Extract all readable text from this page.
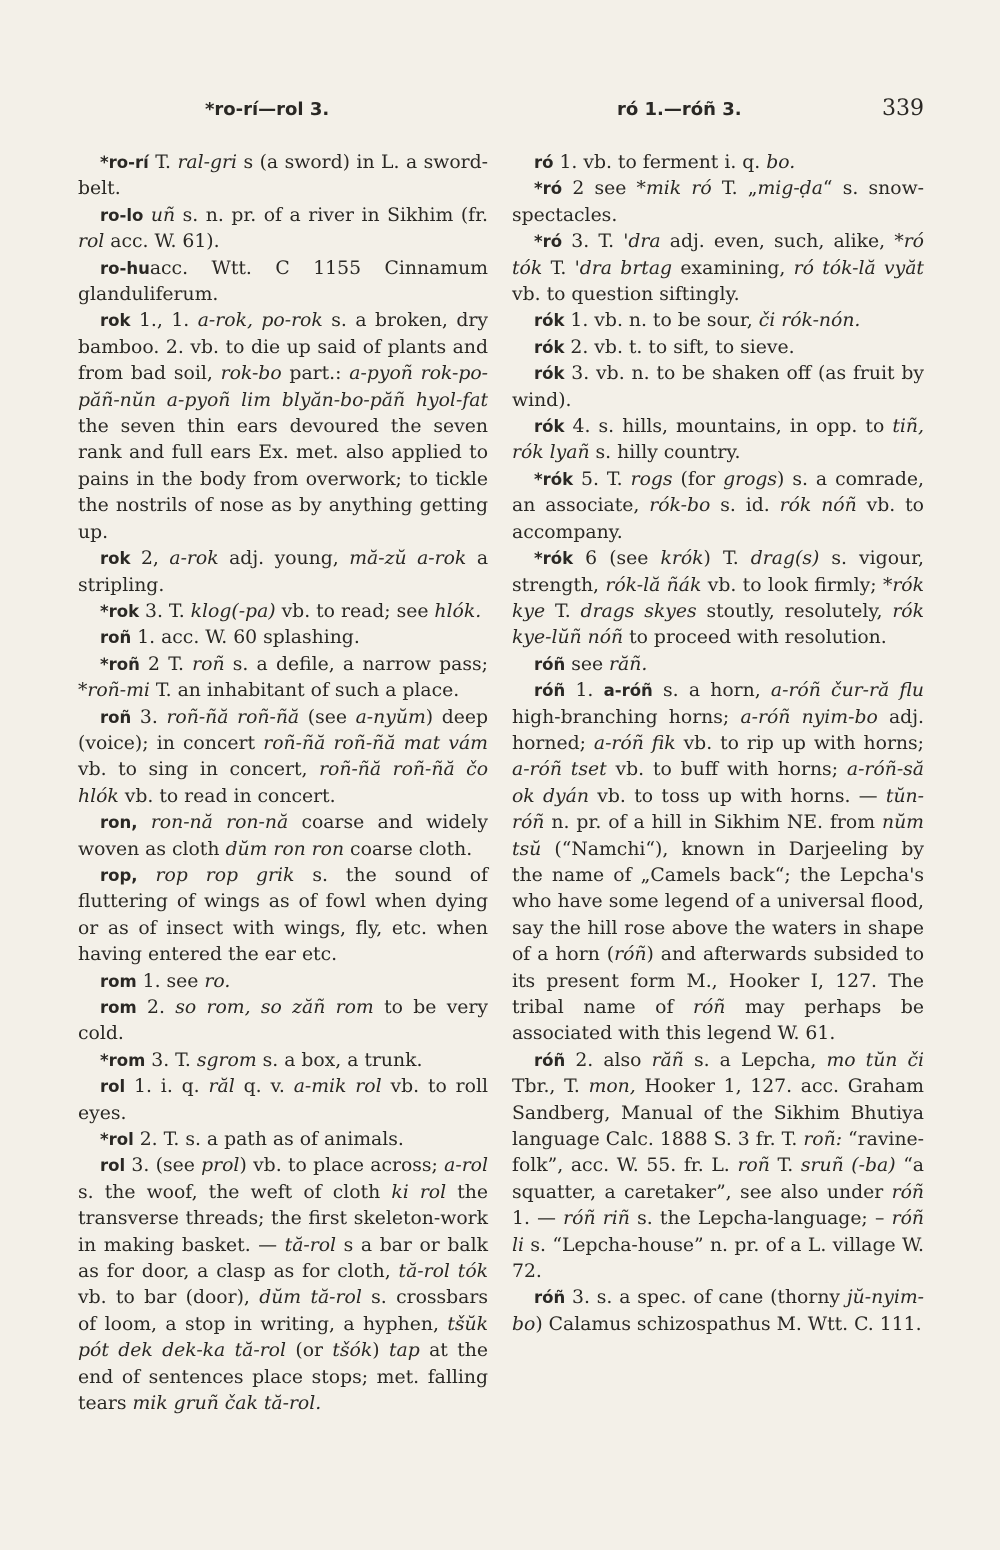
*ro-rí—rol 3.	ró 1.—róñ 3.	339

*ro-rí T. ral-gri s (a sword) in L. a sword-belt.

ro-lo uñ s. n. pr. of a river in Sikhim (fr. rol acc. W. 61).

ro-huacc. Wtt. C 1155 Cinnamum glanduliferum.

rok 1., 1. a-rok, po-rok s. a broken, dry bamboo. 2. vb. to die up said of plants and from bad soil, rok-bo part.: a-pyoñ rok-po-păñ-nŭn a-pyoñ lim blyăn-bo-păñ hyol-fat the seven thin ears devoured the seven rank and full ears Ex. met. also applied to pains in the body from overwork; to tickle the nostrils of nose as by anything getting up.

rok 2, a-rok adj. young, mă-zŭ a-rok a stripling.

*rok 3. T. klog(-pa) vb. to read; see hlók.

roñ 1. acc. W. 60 splashing.

*roñ 2 T. roñ s. a defile, a narrow pass; *roñ-mi T. an inhabitant of such a place.

roñ 3. roñ-ñă roñ-ñă (see a-nyŭm) deep (voice); in concert roñ-ñă roñ-ñă mat vám vb. to sing in concert, roñ-ñă roñ-ñă čo hlók vb. to read in concert.

ron, ron-nă ron-nă coarse and widely woven as cloth dŭm ron ron coarse cloth.

rop, rop rop grik s. the sound of fluttering of wings as of fowl when dying or as of insect with wings, fly, etc. when having entered the ear etc.

rom 1. see ro.

rom 2. so rom, so zăñ rom to be very cold.

*rom 3. T. sgrom s. a box, a trunk.

rol 1. i. q. răl q. v. a-mik rol vb. to roll eyes.

*rol 2. T. s. a path as of animals.

rol 3. (see prol) vb. to place across; a-rol s. the woof, the weft of cloth ki rol the transverse threads; the first skeleton-work in making basket. — tă-rol s a bar or balk as for door, a clasp as for cloth, tă-rol tók vb. to bar (door), dŭm tă-rol s. crossbars of loom, a stop in writing, a hyphen, tšŭk pót dek dek-ka tă-rol (or tšók) tap at the end of sentences place stops; met. falling tears mik gruñ čak tă-rol.

ró 1. vb. to ferment i. q. bo.

*ró 2 see *mik ró T. „mig-ḍa“ s. snow-spectacles.

*ró 3. T. 'dra adj. even, such, alike, *ró tók T. 'dra brtag examining, ró tók-lă vyăt vb. to question siftingly.

rók 1. vb. n. to be sour, či rók-nón.

rók 2. vb. t. to sift, to sieve.

rók 3. vb. n. to be shaken off (as fruit by wind).

rók 4. s. hills, mountains, in opp. to tiñ, rók lyañ s. hilly country.

*rók 5. T. rogs (for grogs) s. a comrade, an associate, rók-bo s. id. rók nóñ vb. to accompany.

*rók 6 (see krók) T. drag(s) s. vigour, strength, rók-lă ñák vb. to look firmly; *rók kye T. drags skyes stoutly, resolutely, rók kye-lŭñ nóñ to proceed with resolution.

róñ see răñ.

róñ 1. a-róñ s. a horn, a-róñ čur-ră flu high-branching horns; a-róñ nyim-bo adj. horned; a-róñ fik vb. to rip up with horns; a-róñ tset vb. to buff with horns; a-róñ-să ok dyán vb. to toss up with horns. — tŭn-róñ n. pr. of a hill in Sikhim NE. from nŭm tsŭ (“Namchi“), known in Darjeeling by the name of „Camels back“; the Lepcha's who have some legend of a universal flood, say the hill rose above the waters in shape of a horn (róñ) and afterwards subsided to its present form M., Hooker I, 127. The tribal name of róñ may perhaps be associated with this legend W. 61.

róñ 2. also răñ s. a Lepcha, mo tŭn či Tbr., T. mon, Hooker 1, 127. acc. Graham Sandberg, Manual of the Sikhim Bhutiya language Calc. 1888 S. 3 fr. T. roñ: “ravine-folk”, acc. W. 55. fr. L. roñ T. sruñ (-ba) “a squatter, a caretaker”, see also under róñ 1. — róñ riñ s. the Lepcha-language; – róñ li s. “Lepcha-house” n. pr. of a L. village W. 72.

róñ 3. s. a spec. of cane (thorny jŭ-nyim-bo) Calamus schizospathus M. Wtt. C. 111.
